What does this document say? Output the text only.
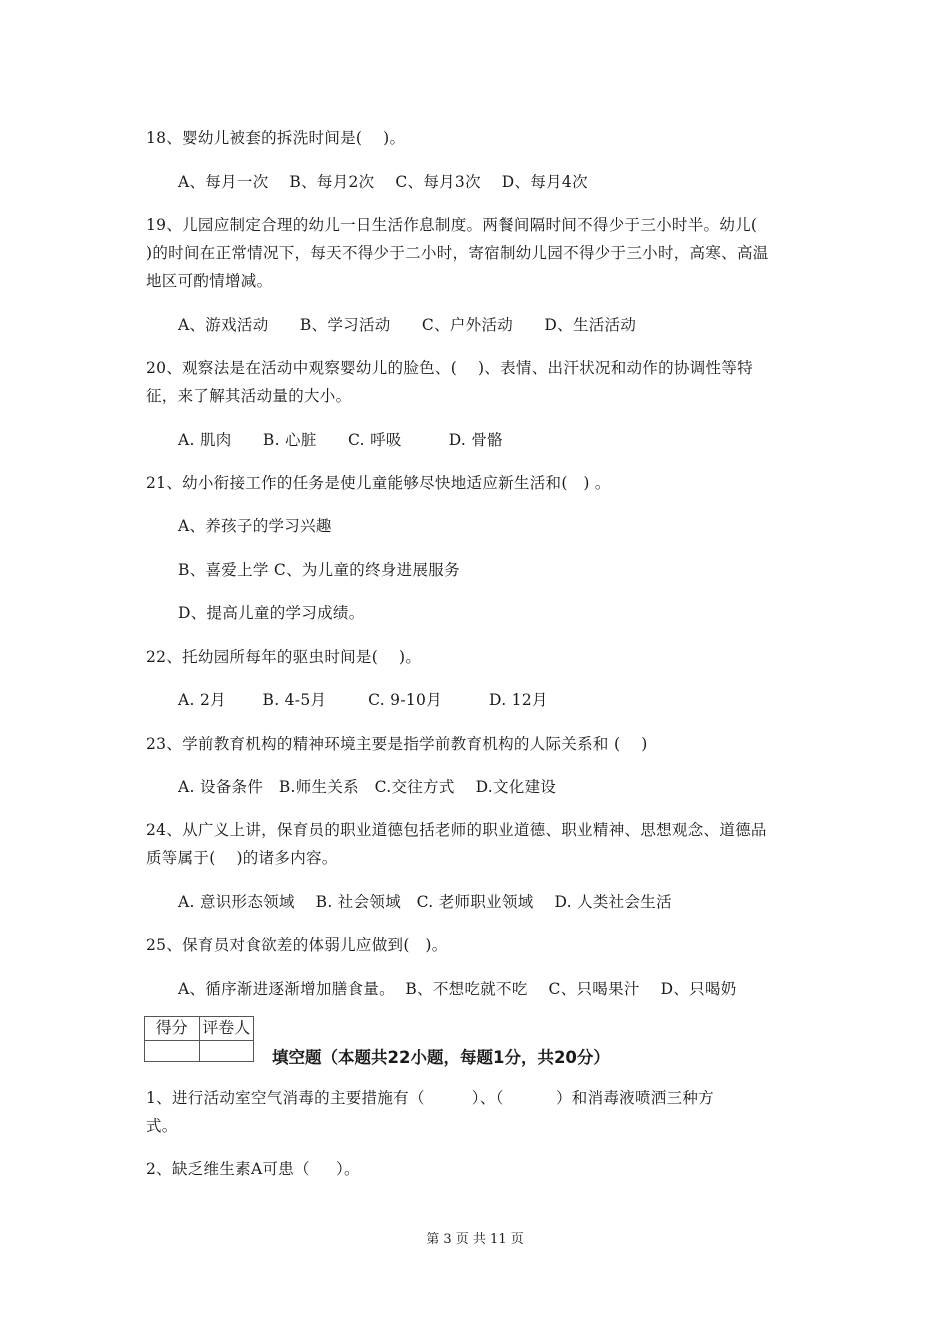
18、婴幼儿被套的拆洗时间是(    )。
A、每月一次    B、每月2次    C、每月3次    D、每月4次
19、儿园应制定合理的幼儿一日生活作息制度。两餐间隔时间不得少于三小时半。幼儿(
)的时间在正常情况下，每天不得少于二小时，寄宿制幼儿园不得少于三小时，高寒、高温
地区可酌情增减。
A、游戏活动      B、学习活动      C、户外活动      D、生活活动
20、观察法是在活动中观察婴幼儿的脸色、(    )、表情、出汗状况和动作的协调性等特
征，来了解其活动量的大小。
A. 肌肉      B. 心脏      C. 呼吸         D. 骨骼
21、幼小衔接工作的任务是使儿童能够尽快地适应新生活和(   ) 。
A、养孩子的学习兴趣
B、喜爱上学 C、为儿童的终身进展服务
D、提高儿童的学习成绩。
22、托幼园所每年的驱虫时间是(    )。
A. 2月       B. 4-5月        C. 9-10月         D. 12月
23、学前教育机构的精神环境主要是指学前教育机构的人际关系和 (    )
A. 设备条件   B.师生关系   C.交往方式    D.文化建设
24、从广义上讲，保育员的职业道德包括老师的职业道德、职业精神、思想观念、道德品
质等属于(    )的诸多内容。
A. 意识形态领域    B. 社会领域   C. 老师职业领域    D. 人类社会生活
25、保育员对食欲差的体弱儿应做到(   )。
A、循序渐进逐渐增加膳食量。  B、不想吃就不吃    C、只喝果汁    D、只喝奶
得分	评卷人

填空题（本题共22小题，每题1分，共20分）
1、进行活动室空气消毒的主要措施有（         ）、（          ）和消毒液喷洒三种方
式。
2、缺乏维生素A可患（     ）。
第 3 页 共 11 页
